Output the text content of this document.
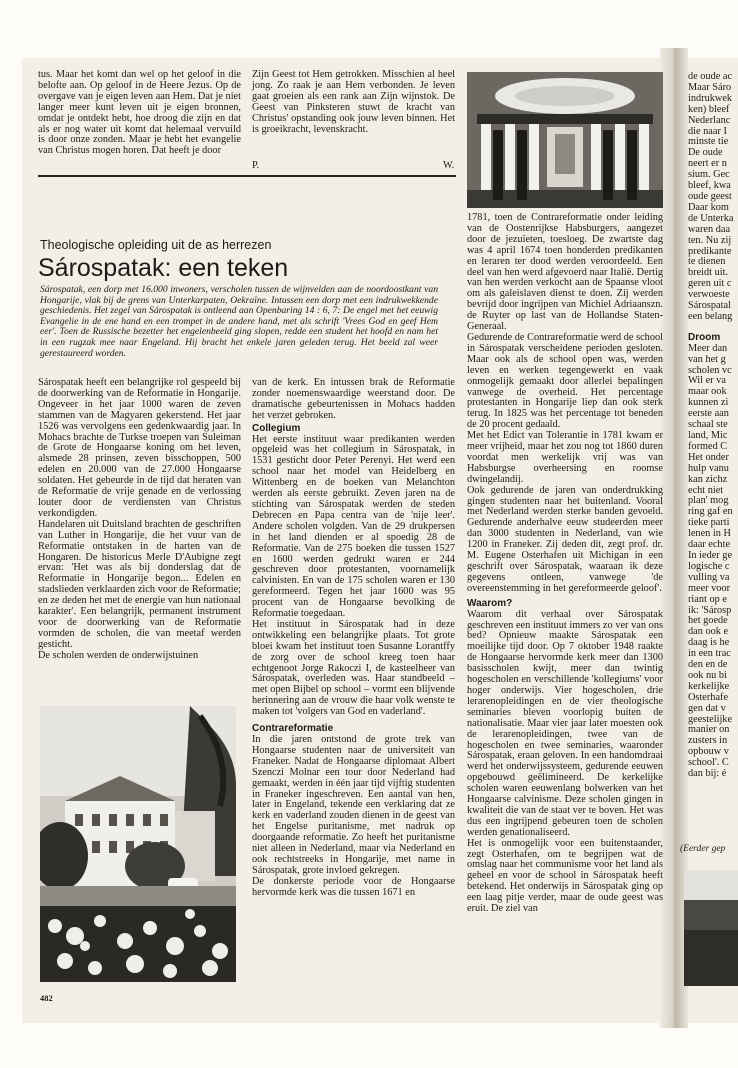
tus. Maar het komt dan wel op het geloof in die belofte aan. Op geloof in de Heere Jezus. Op de overgave van je eigen leven aan Hem. Dat je niet langer meer kunt leven uit je eigen bronnen, omdat je ontdekt hebt, hoe droog die zijn en dat als er nog water uit komt dat helemaal vervuild is door onze zonden. Maar je hebt het evangelie van Christus mogen horen. Dat heeft je door

Zijn Geest tot Hem getrokken. Misschien al heel jong. Zo raak je aan Hem verbonden. Je leven gaat groeien als een rank aan Zijn wijnstok. De Geest van Pinksteren stuwt de kracht van Christus' opstanding ook jouw leven binnen. Het is groeikracht, levenskracht.

P.	W.
Theologische opleiding uit de as herrezen
Sárospatak: een teken
Sárospatak, een dorp met 16.000 inwoners, verscholen tussen de wijnvelden aan de noordoostkant van Hongarije, vlak bij de grens van Unterkarpaten, Oekraïne. Intussen een dorp met een indrukwekkende geschiedenis. Het zegel van Sárospatak is ontleend aan Openbaring 14 : 6, 7: De engel met het eeuwig Evangelie in de ene hand en een trompet in de andere hand, met als schrift 'Vrees God en geef Hem eer'. Toen de Russische bezetter het engelenbeeld ging slopen, redde een student het hoofd en nam het in een rugzak mee naar Engeland. Hij bracht het enkele jaren geleden terug. Het beeld zal weer gerestaureerd worden.

Sárospatak heeft een belangrijke rol gespeeld bij de doorwerking van de Reformatie in Hongarije. Ongeveer in het jaar 1000 waren de zeven stammen van de Magyaren gekerstend. Het jaar 1526 was vervolgens een gedenkwaardig jaar. In Mohacs brachte de Turkse troepen van Suleiman de Grote de Hongaarse koning om het leven, alsmede 28 prinsen, zeven bisschoppen, 500 edelen en 20.000 van de 27.000 Hongaarse soldaten. Het gebeurde in de tijd dat heraten van de Reformatie de vrije genade en de verlossing louter door de verdiensten van Christus verkondigden.

Handelaren uit Duitsland brachten de geschriften van Luther in Hongarije, die het vuur van de Reformatie ontstaken in de harten van de Hongaren. De historicus Merle D'Aubigne zegt ervan: 'Het was als bij donderslag dat de Reformatie in Hongarije begon... Edelen en stadslieden verklaarden zich voor de Reformatie; en ze deden het met de energie van hun nationaal karakter'. Een belangrijk, permanent instrument voor de doorwerking van de Reformatie vormden de scholen, die van meetaf werden gesticht.

De scholen werden de onderwijstuinen

482

van de kerk. En intussen brak de Reformatie zonder noemenswaardige weerstand door. De dramatische gebeurtenissen in Mohacs hadden het verzet gebroken.

Collegium

Het eerste instituut waar predikanten werden opgeleid was het collegium in Sárospatak, in 1531 gesticht door Peter Perenyi. Het werd een school naar het model van Heidelberg en Wittenberg en de boeken van Melanchton werden als eerste gebruikt. Zeven jaren na de stichting van Sárospatak werden de steden Debrecen en Papa centra van de 'nije leer'. Andere scholen volgden. Van de 29 drukpersen in het land dienden er al spoedig 28 de Reformatie. Van de 275 boeken die tussen 1527 en 1600 werden gedrukt waren er 244 geschreven door protestanten, voornamelijk calvinisten. En van de 175 scholen waren er 130 gereformeerd. Tegen het jaar 1600 was 95 procent van de Hongaarse bevolking de Reformatie toegedaan.

Het instituut in Sárospatak had in deze ontwikkeling een belangrijke plaats. Tot grote bloei kwam het instituut toen Susanne Lorantffy de zorg over de school kreeg toen haar echtgenoot Jorge Rakoczi I, de kasteelheer van Sárospatak, overleden was. Haar standbeeld – met open Bijbel op school – vormt een blijvende herinnering aan de vrouw die haar volk wenste te maken tot 'volgers van God en vaderland'.

Contrareformatie

In die jaren ontstond de grote trek van Hongaarse studenten naar de universiteit van Franeker. Nadat de Hongaarse diplomaat Albert Szenczi Molnar een tour door Nederland had gemaakt, werden in één jaar tijd vijftig studenten in Franeker ingeschreven. Een aantal van hen, later in Engeland, tekende een verklaring dat ze kerk en vaderland zouden dienen in de geest van het Engelse puritanisme, met nadruk op doorgaande reformatie. Zo heeft het puritanisme niet alleen in Nederland, maar via Nederland en ook rechtstreeks in Hongarije, met name in Sárospatak, grote invloed gekregen.

De donkerste periode voor de Hongaarse hervormde kerk was die tussen 1671 en

1781, toen de Contrareformatie onder leiding van de Oostenrijkse Habsburgers, aangezet door de jezuïeten, toesloeg. De zwartste dag was 4 april 1674 toen honderden predikanten en leraren ter dood werden veroordeeld. Een deel van hen werd afgevoerd naar Italië. Dertig van hen werden verkocht aan de Spaanse vloot om als galeislaven dienst te doen. Zij werden bevrijd door ingrijpen van Michiel Adriaanszn. de Ruyter op last van de Hollandse Staten-Generaal.

Gedurende de Contrareformatie werd de school in Sárospatak verscheidene perioden gesloten. Maar ook als de school open was, werden leven en werken tegengewerkt en vaak onmogelijk gemaakt door allerlei bepalingen vanwege de overheid. Het percentage protestanten in Hongarije liep dan ook sterk terug. In 1825 was het percentage tot beneden de 20 procent gedaald.

Met het Edict van Tolerantie in 1781 kwam er meer vrijheid, maar het zou nog tot 1860 duren voordat men werkelijk vrij was van Habsburgse overheersing en roomse dwingelandij.

Ook gedurende de jaren van onderdrukking gingen studenten naar het buitenland. Vooral met Nederland werden sterke banden gevoeld. Gedurende anderhalve eeuw studeerden meer dan 3000 studenten in Nederland, van wie 1200 in Franeker. Zij deden dit, zegt prof. dr. M. Eugene Osterhafen uit Michigan in een geschrift over Sárospatak, waaraan ik deze gegevens ontleen, vanwege 'de overeenstemming in het gereformeerde geloof'.

Waarom?

Waarom dit verhaal over Sárospatak geschreven een instituut immers zo ver van ons bed? Opnieuw maakte Sárospatak een moeilijke tijd door. Op 7 oktober 1948 raakte de Hongaarse hervormde kerk meer dan 1300 basisscholen kwijt, meer dan twintig hogescholen en verschillende 'kollegiums' voor hoger onderwijs. Vier hogescholen, drie lerarenopleidingen en de vier theologische seminaries bleven voorlopig buiten de nationalisatie. Maar vier jaar later moesten ook de lerarenopleidingen, twee van de hogescholen en twee seminaries, waaronder Sárospatak, eraan geloven. In een handomdraai werd het onderwijssysteem, gedurende eeuwen opgebouwd geëlimineerd. De kerkelijke scholen waren eeuwenlang bolwerken van het Hongaarse calvinisme. Deze scholen gingen in kwaliteit die van de staat ver te boven. Het was dus een ingrijpend gebeuren toen de scholen werden genationaliseerd.

Het is onmogelijk voor een buitenstaander, zegt Osterhafen, om te begrijpen wat de omslag naar het communisme voor het land als geheel en voor de school in Sárospatak heeft betekend. Het onderwijs in Sárospatak ging op een laag pitje verder, maar de oude geest was eruit. De ziel van

de oude ac Maar Sáro indrukwek ken) bleef Nederlanc die naar I minste tie De oude neert er n sium. Gec bleef, kwa oude geest Daar kom de Unterka waren daa ten. Nu zij predikante te dienen breidt uit. geren uit c verwoeste Sárospatal een belang

Droom

Meer dan van het g scholen vc Wil er va maar ook kunnen zi eerste aan schaal ste land, Mic formed C Het onder hulp vanu kan zichz echt niet plan' mog ring gaf en tieke parti lenen in H daar echte In ieder ge logische c vulling va meer voor riant op e ik: 'Sárosp het goede dan ook e daag is he in een trac den en de ook nu bi kerkelijke Osterhafe gen dat v geestelijke manier on zusters in opbouw v school'. C dan bij: é

(Eerder gep
